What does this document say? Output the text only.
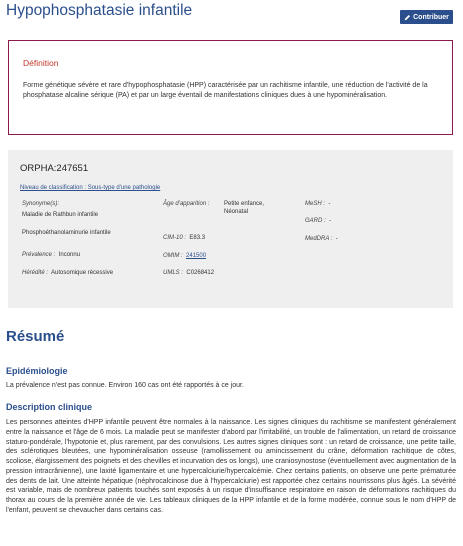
Hypophosphatasie infantile	Contribuer
Définition
Forme génétique sévère et rare d'hypophosphatasie (HPP) caractérisée par un rachitisme infantile, une réduction de l'activité de la phosphatase alcaline sérique (PA) et par un large éventail de manifestations cliniques dues à une hypominéralisation.
ORPHA:247651
Niveau de classification : Sous-type d'une pathologie
Synonyme(s):
Maladie de Rathbun infantile
Phosphoéthanolaminurie infantile
Prévalence : Inconnu
Hérédité : Autosomique récessive
Âge d'apparition : Petite enfance, Néonatal
CIM-10 : E83.3
OMIM : 241500
UMLS : C0268412
MeSH : -
GARD : -
MedDRA : -
Résumé
Epidémiologie

La prévalence n'est pas connue. Environ 160 cas ont été rapportés à ce jour.

Description clinique

Les personnes atteintes d'HPP infantile peuvent être normales à la naissance. Les signes cliniques du rachitisme se manifestent généralement entre la naissance et l'âge de 6 mois. La maladie peut se manifester d'abord par l'irritabilité, un trouble de l'alimentation, un retard de croissance staturo-pondérale, l'hypotonie et, plus rarement, par des convulsions. Les autres signes cliniques sont : un retard de croissance, une petite taille, des sclérotiques bleutées, une hypominéralisation osseuse (ramollissement ou amincissement du crâne, déformation rachitique de côtes, scoliose, élargissement des poignets et des chevilles et incurvation des os longs), une craniosynostose (éventuellement avec augmentation de la pression intracrânienne), une laxité ligamentaire et une hypercalciurie/hypercalcémie. Chez certains patients, on observe une perte prématurée des dents de lait. Une atteinte hépatique (néphrocalcinose due à l'hypercalciurie) est rapportée chez certains nourrissons plus âgés. La sévérité est variable, mais de nombreux patients touchés sont exposés à un risque d'insuffisance respiratoire en raison de déformations rachitiques du thorax au cours de la première année de vie. Les tableaux cliniques de la HPP infantile et de la forme modérée, connue sous le nom d'HPP de l'enfant, peuvent se chevaucher dans certains cas.
